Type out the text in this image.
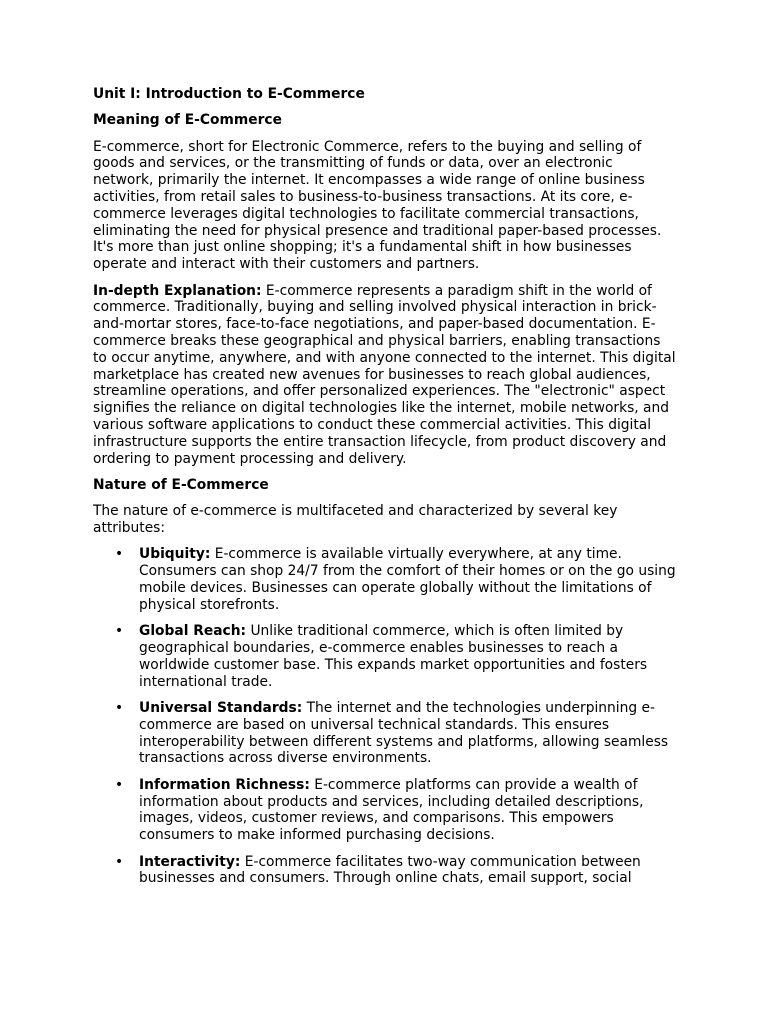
Unit I: Introduction to E-Commerce
Meaning of E-Commerce

E-commerce, short for Electronic Commerce, refers to the buying and selling of goods and services, or the transmitting of funds or data, over an electronic network, primarily the internet. It encompasses a wide range of online business activities, from retail sales to business-to-business transactions. At its core, e-commerce leverages digital technologies to facilitate commercial transactions, eliminating the need for physical presence and traditional paper-based processes. It's more than just online shopping; it's a fundamental shift in how businesses operate and interact with their customers and partners.

In-depth Explanation: E-commerce represents a paradigm shift in the world of commerce. Traditionally, buying and selling involved physical interaction in brick-and-mortar stores, face-to-face negotiations, and paper-based documentation. E-commerce breaks these geographical and physical barriers, enabling transactions to occur anytime, anywhere, and with anyone connected to the internet. This digital marketplace has created new avenues for businesses to reach global audiences, streamline operations, and offer personalized experiences. The "electronic" aspect signifies the reliance on digital technologies like the internet, mobile networks, and various software applications to conduct these commercial activities. This digital infrastructure supports the entire transaction lifecycle, from product discovery and ordering to payment processing and delivery.

Nature of E-Commerce

The nature of e-commerce is multifaceted and characterized by several key attributes:

• Ubiquity: E-commerce is available virtually everywhere, at any time. Consumers can shop 24/7 from the comfort of their homes or on the go using mobile devices. Businesses can operate globally without the limitations of physical storefronts.
• Global Reach: Unlike traditional commerce, which is often limited by geographical boundaries, e-commerce enables businesses to reach a worldwide customer base. This expands market opportunities and fosters international trade.
• Universal Standards: The internet and the technologies underpinning e-commerce are based on universal technical standards. This ensures interoperability between different systems and platforms, allowing seamless transactions across diverse environments.
• Information Richness: E-commerce platforms can provide a wealth of information about products and services, including detailed descriptions, images, videos, customer reviews, and comparisons. This empowers consumers to make informed purchasing decisions.
• Interactivity: E-commerce facilitates two-way communication between businesses and consumers. Through online chats, email support, social
